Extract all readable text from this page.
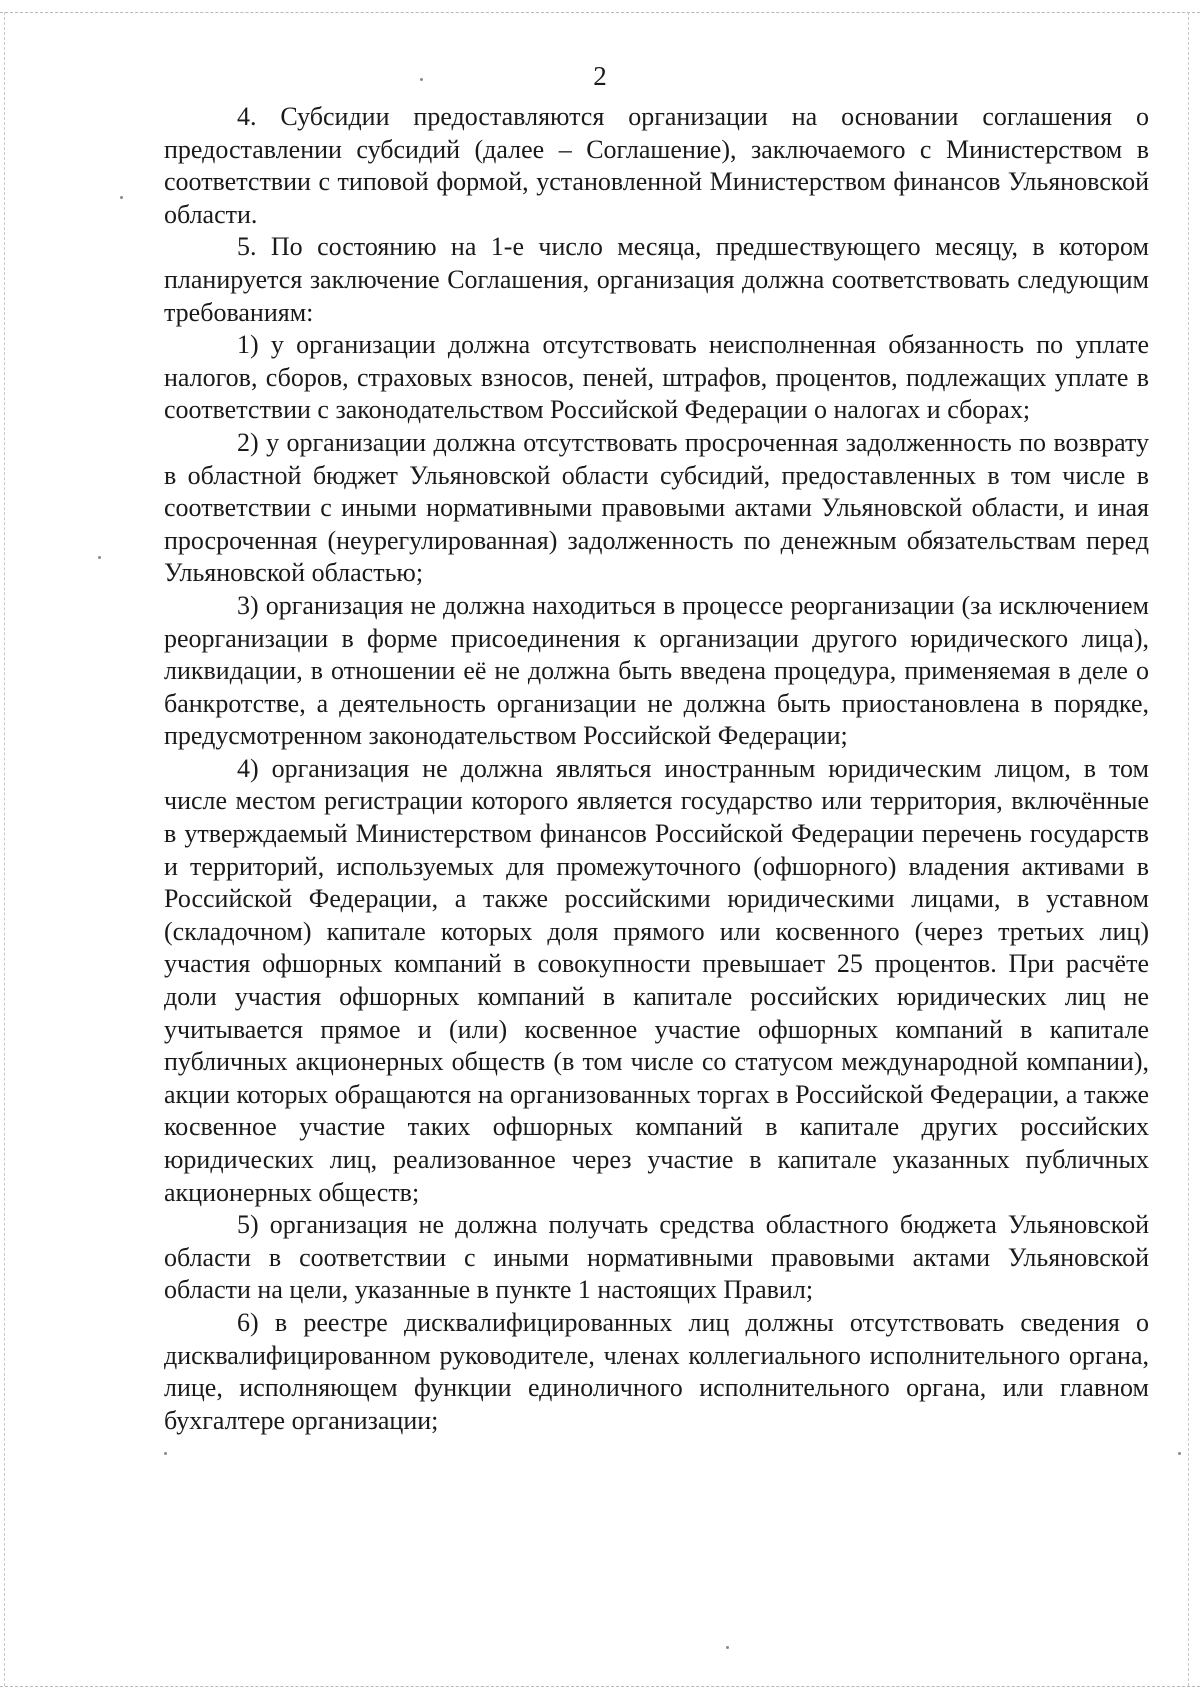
2

4. Субсидии предоставляются организации на основании соглашения о предоставлении субсидий (далее – Соглашение), заключаемого с Министерством в соответствии с типовой формой, установленной Министерством финансов Ульяновской области.

5. По состоянию на 1-е число месяца, предшествующего месяцу, в котором планируется заключение Соглашения, организация должна соответствовать следующим требованиям:

1) у организации должна отсутствовать неисполненная обязанность по уплате налогов, сборов, страховых взносов, пеней, штрафов, процентов, подлежащих уплате в соответствии с законодательством Российской Федерации о налогах и сборах;

2) у организации должна отсутствовать просроченная задолженность по возврату в областной бюджет Ульяновской области субсидий, предоставленных в том числе в соответствии с иными нормативными правовыми актами Ульяновской области, и иная просроченная (неурегулированная) задолженность по денежным обязательствам перед Ульяновской областью;

3) организация не должна находиться в процессе реорганизации (за исключением реорганизации в форме присоединения к организации другого юридического лица), ликвидации, в отношении её не должна быть введена процедура, применяемая в деле о банкротстве, а деятельность организации не должна быть приостановлена в порядке, предусмотренном законодательством Российской Федерации;

4) организация не должна являться иностранным юридическим лицом, в том числе местом регистрации которого является государство или территория, включённые в утверждаемый Министерством финансов Российской Федерации перечень государств и территорий, используемых для промежуточного (офшорного) владения активами в Российской Федерации, а также российскими юридическими лицами, в уставном (складочном) капитале которых доля прямого или косвенного (через третьих лиц) участия офшорных компаний в совокупности превышает 25 процентов. При расчёте доли участия офшорных компаний в капитале российских юридических лиц не учитывается прямое и (или) косвенное участие офшорных компаний в капитале публичных акционерных обществ (в том числе со статусом международной компании), акции которых обращаются на организованных торгах в Российской Федерации, а также косвенное участие таких офшорных компаний в капитале других российских юридических лиц, реализованное через участие в капитале указанных публичных акционерных обществ;

5) организация не должна получать средства областного бюджета Ульяновской области в соответствии с иными нормативными правовыми актами Ульяновской области на цели, указанные в пункте 1 настоящих Правил;

6) в реестре дисквалифицированных лиц должны отсутствовать сведения о дисквалифицированном руководителе, членах коллегиального исполнительного органа, лице, исполняющем функции единоличного исполнительного органа, или главном бухгалтере организации;
